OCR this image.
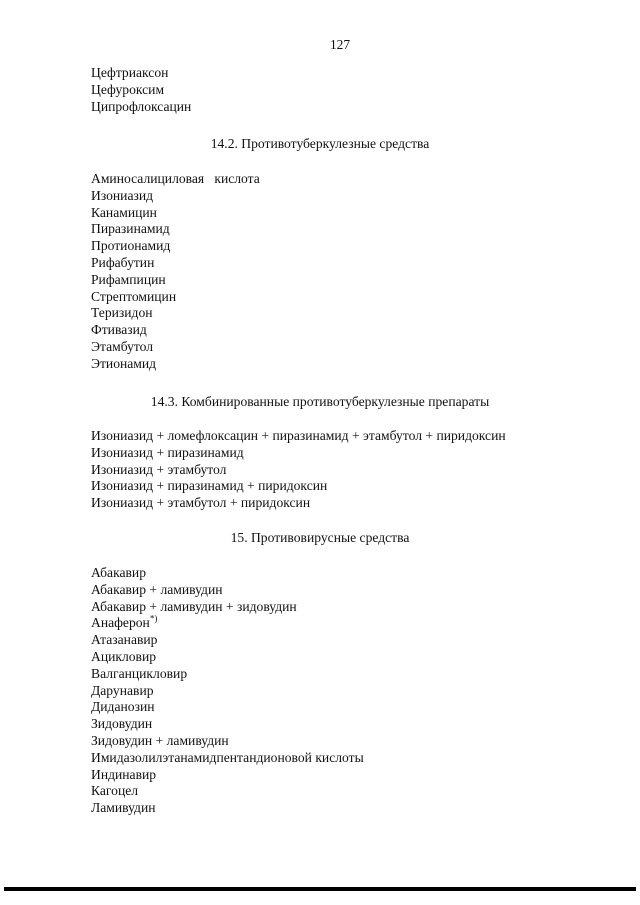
127
Цефтриаксон
Цефуроксим
Ципрофлоксацин
14.2. Противотуберкулезные средства
Аминосалициловая   кислота
Изониазид
Канамицин
Пиразинамид
Протионамид
Рифабутин
Рифампицин
Стрептомицин
Теризидон
Фтивазид
Этамбутол
Этионамид
14.3. Комбинированные противотуберкулезные препараты
Изониазид + ломефлоксацин + пиразинамид + этамбутол + пиридоксин
Изониазид + пиразинамид
Изониазид + этамбутол
Изониазид + пиразинамид + пиридоксин
Изониазид + этамбутол + пиридоксин
15. Противовирусные средства
Абакавир
Абакавир + ламивудин
Абакавир + ламивудин + зидовудин
Анаферон*)
Атазанавир
Ацикловир
Валганцикловир
Дарунавир
Диданозин
Зидовудин
Зидовудин + ламивудин
Имидазолилэтанамидпентандионовой кислоты
Индинавир
Кагоцел
Ламивудин
